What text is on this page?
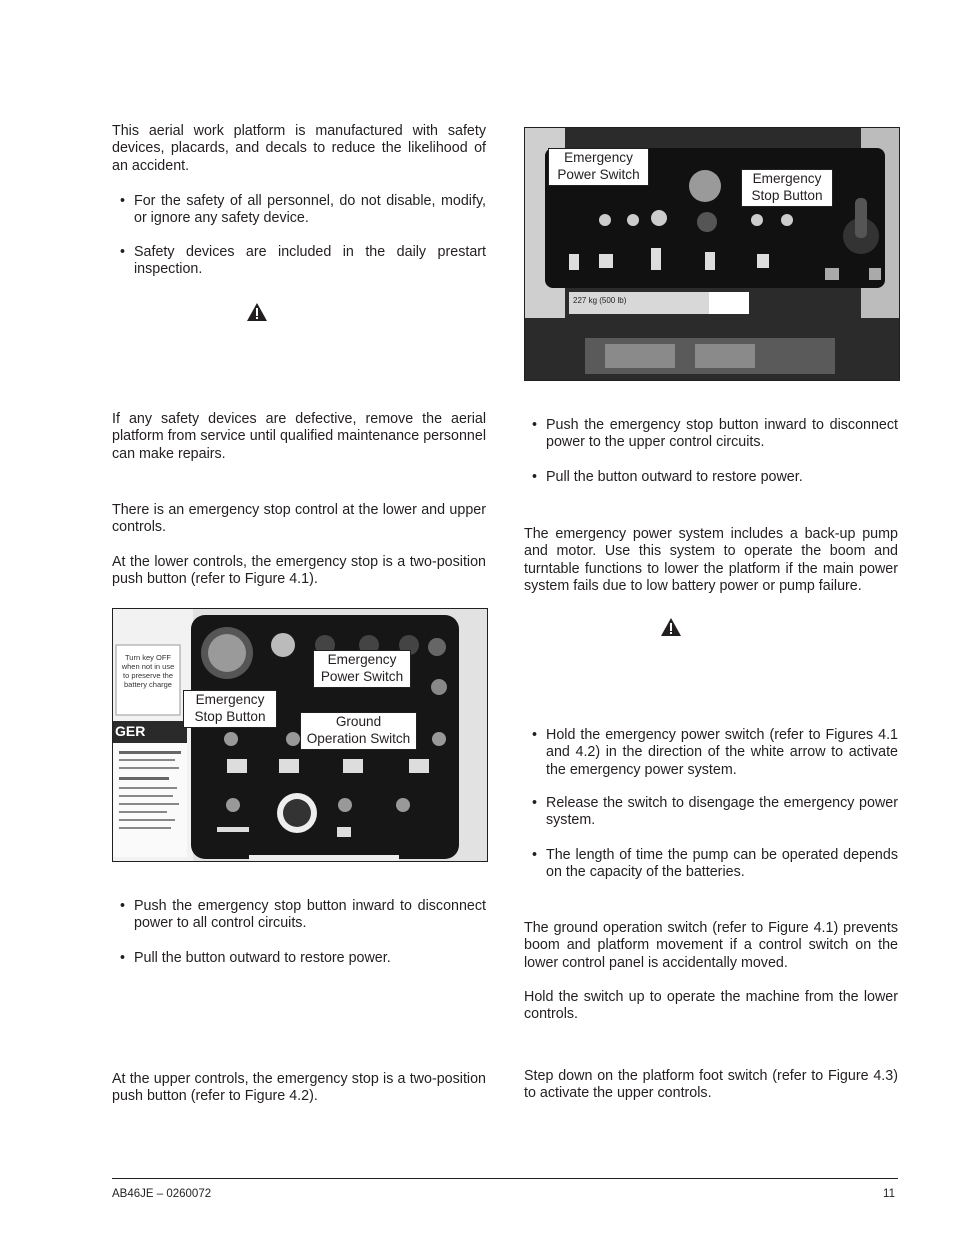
This aerial work platform is manufactured with safety devices, placards, and decals to reduce the likelihood of an accident.

• For the safety of all personnel, do not disable, modify, or ignore any safety device.
• Safety devices are included in the daily prestart inspection.

If any safety devices are defective, remove the aerial platform from service until qualified maintenance personnel can make repairs.

There is an emergency stop control at the lower and upper controls.

At the lower controls, the emergency stop is a two-position push button (refer to Figure 4.1).

Turn key OFF when not in use to preserve the battery charge
GER
Emergency Power Switch
Emergency Stop Button	Ground Operation Switch
• Push the emergency stop button inward to disconnect power to all control circuits.
• Pull the button outward to restore power.

At the upper controls, the emergency stop is a two-position push button (refer to Figure 4.2).

227 kg (500 lb)
Emergency Power Switch	Emergency Stop Button
• Push the emergency stop button inward to disconnect power to the upper control circuits.
• Pull the button outward to restore power.

The emergency power system includes a back-up pump and motor. Use this system to operate the boom and turntable functions to lower the platform if the main power system fails due to low battery power or pump failure.

• Hold the emergency power switch (refer to Figures 4.1 and 4.2) in the direction of the white arrow to activate the emergency power system.
• Release the switch to disengage the emergency power system.
• The length of time the pump can be operated depends on the capacity of the batteries.

The ground operation switch (refer to Figure 4.1) prevents boom and platform movement if a control switch on the lower control panel is accidentally moved.

Hold the switch up to operate the machine from the lower controls.

Step down on the platform foot switch (refer to Figure 4.3) to activate the upper controls.

AB46JE – 0260072	11
